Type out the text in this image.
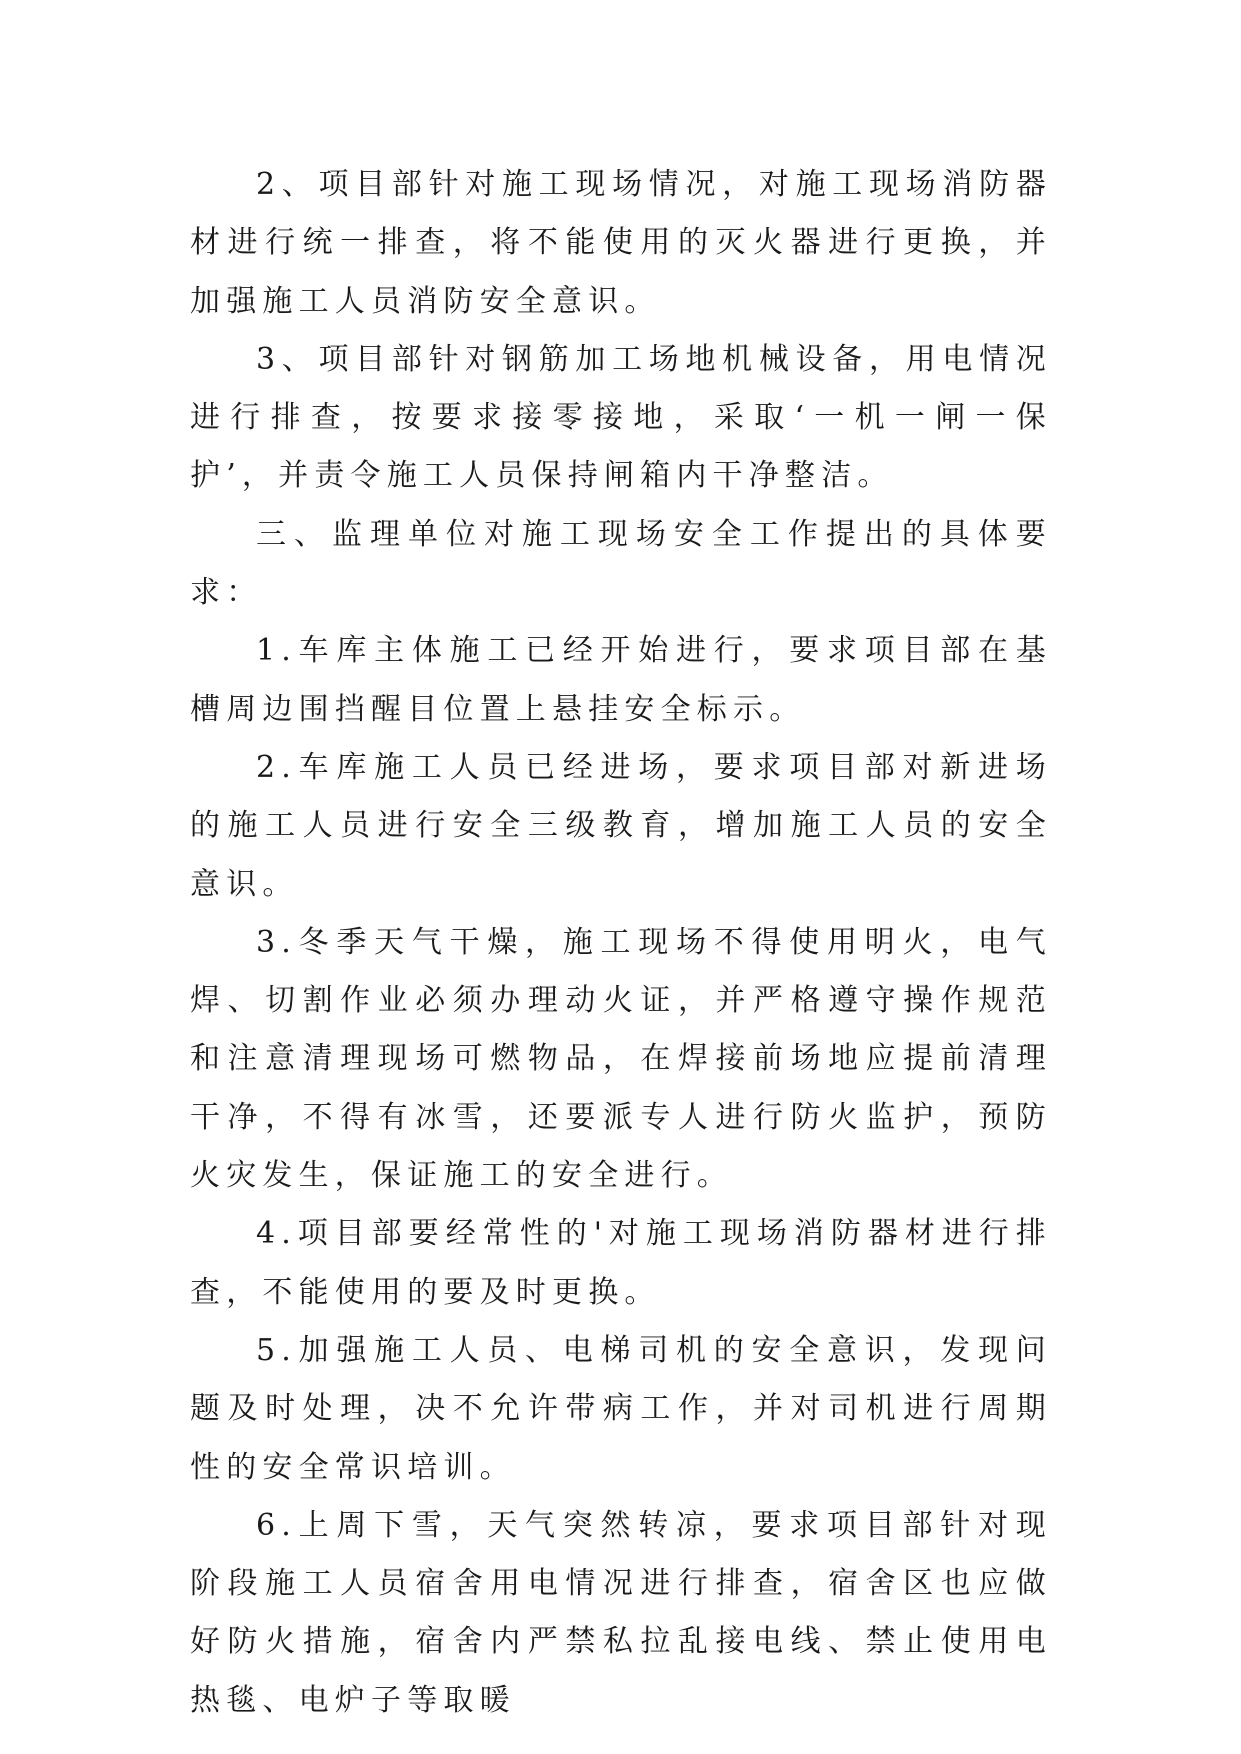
2、项目部针对施工现场情况，对施工现场消防器材进行统一排查，将不能使用的灭火器进行更换，并加强施工人员消防安全意识。

3、项目部针对钢筋加工场地机械设备，用电情况进行排查，按要求接零接地，采取‘一机一闸一保护’，并责令施工人员保持闸箱内干净整洁。

三、监理单位对施工现场安全工作提出的具体要求：

1.车库主体施工已经开始进行，要求项目部在基槽周边围挡醒目位置上悬挂安全标示。

2.车库施工人员已经进场，要求项目部对新进场的施工人员进行安全三级教育，增加施工人员的安全意识。

3.冬季天气干燥，施工现场不得使用明火，电气焊、切割作业必须办理动火证，并严格遵守操作规范和注意清理现场可燃物品，在焊接前场地应提前清理干净，不得有冰雪，还要派专人进行防火监护，预防火灾发生，保证施工的安全进行。

4.项目部要经常性的'对施工现场消防器材进行排查，不能使用的要及时更换。

5.加强施工人员、电梯司机的安全意识，发现问题及时处理，决不允许带病工作，并对司机进行周期性的安全常识培训。

6.上周下雪，天气突然转凉，要求项目部针对现阶段施工人员宿舍用电情况进行排查，宿舍区也应做好防火措施，宿舍内严禁私拉乱接电线、禁止使用电热毯、电炉子等取暖
